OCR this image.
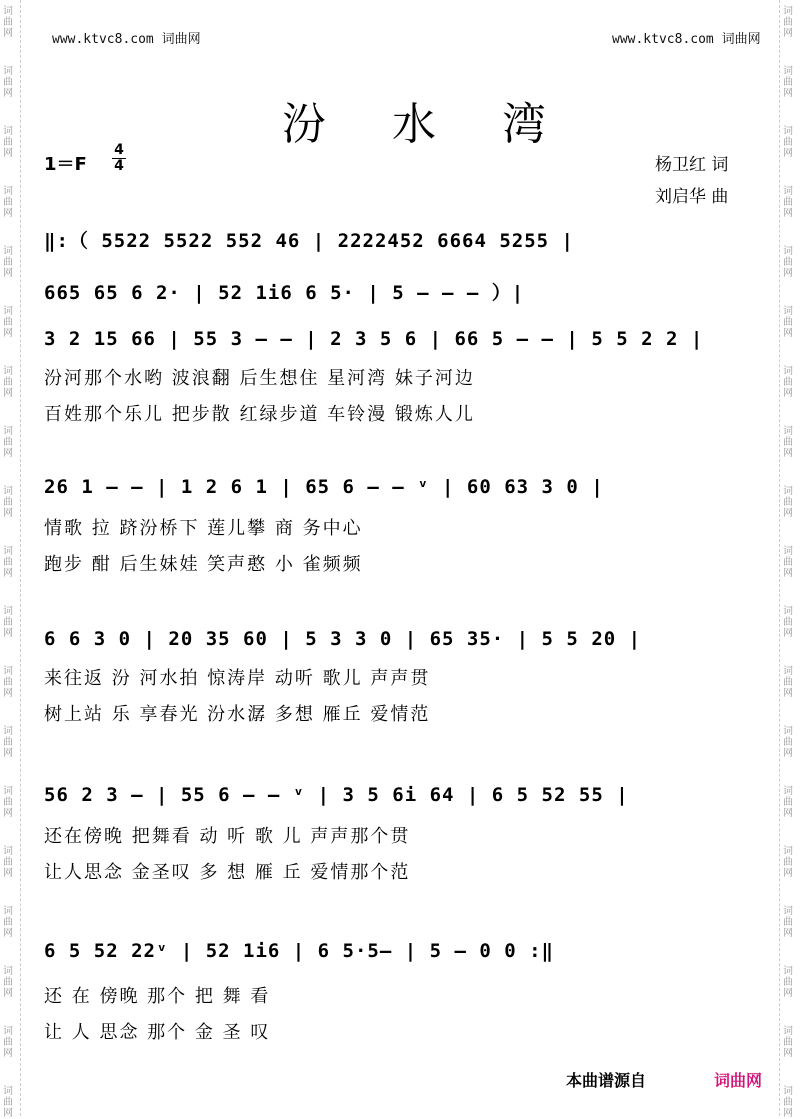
词
曲
网
词
曲
网
词
曲
网
词
曲
网
词
曲
网
词
曲
网
词
曲
网
词
曲
网
词
曲
网
词
曲
网
词
曲
网
词
曲
网
词
曲
网
词
曲
网
词
曲
网
词
曲
网
词
曲
网
词
曲
网
词
曲
网
词
曲
网
词
曲
网
词
曲
网
词
曲
网
词
曲
网
词
曲
网
词
曲
网
词
曲
网
词
曲
网
词
曲
网
词
曲
网
词
曲
网
词
曲
网
词
曲
网
词
曲
网
词
曲
网
词
曲
网
词
曲
网
词
曲
网
www.ktvc8.com 词曲网	www.ktvc8.com 词曲网
汾 水 湾
1＝F
4
4	杨卫红 词
刘启华 曲
‖:（ 5522 5522 552 46 | 2222452 6664 5255 |
665 65 6 2· | 52 1i6 6 5· | 5 – – – ）|
3 2 15 66 | 55 3 – – | 2 3 5 6 | 66 5 – – | 5 5 2 2 |
汾河那个水哟 波浪翻 后生想住 星河湾 妹子河边
百姓那个乐儿 把步散 红绿步道 车铃漫 锻炼人儿
26 1 – – | 1 2 6 1 | 65 6 – – ᵛ | 60 63 3 0 |
情歌 拉 跻汾桥下 莲儿攀 商 务中心
跑步 酣 后生妹娃 笑声憨 小 雀频频
6 6 3 0 | 20 35 60 | 5 3 3 0 | 65 35· | 5 5 20 |
来往返 汾 河水拍 惊涛岸 动听 歌儿 声声贯
树上站 乐 享春光 汾水潺 多想 雁丘 爱情范
56 2 3 – | 55 6 – – ᵛ | 3 5 6i 64 | 6 5 52 55 |
还在傍晚 把舞看 动 听 歌 儿 声声那个贯
让人思念 金圣叹 多 想 雁 丘 爱情那个范
6 5 52 22ᵛ | 52 1i6 | 6 5·5– | 5 – 0 0 :‖
还 在 傍晚 那个 把 舞 看
让 人 思念 那个 金 圣 叹
本曲谱源自	词曲网
